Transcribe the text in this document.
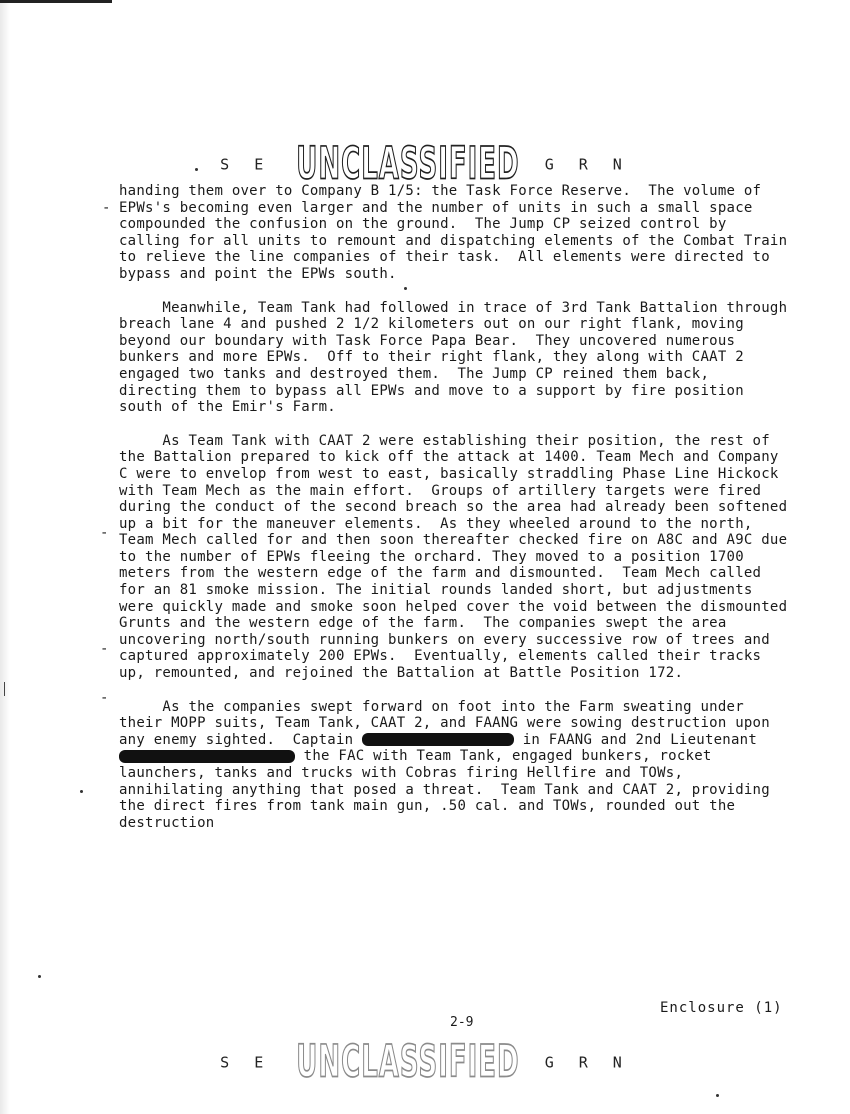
S E UNCLASSIFIED G R N

handing them over to Company B 1/5: the Task Force Reserve.  The volume of EPWs's becoming even larger and the number of units in such a small space compounded the confusion on the ground.  The Jump CP seized control by calling for all units to remount and dispatching elements of the Combat Train to relieve the line companies of their task.  All elements were directed to bypass and point the EPWs south.

Meanwhile, Team Tank had followed in trace of 3rd Tank Battalion through breach lane 4 and pushed 2 1/2 kilometers out on our right flank, moving beyond our boundary with Task Force Papa Bear.  They uncovered numerous bunkers and more EPWs.  Off to their right flank, they along with CAAT 2 engaged two tanks and destroyed them.  The Jump CP reined them back, directing them to bypass all EPWs and move to a support by fire position south of the Emir's Farm.

As Team Tank with CAAT 2 were establishing their position, the rest of the Battalion prepared to kick off the attack at 1400. Team Mech and Company C were to envelop from west to east, basically straddling Phase Line Hickock with Team Mech as the main effort.  Groups of artillery targets were fired during the conduct of the second breach so the area had already been softened up a bit for the maneuver elements.  As they wheeled around to the north, Team Mech called for and then soon thereafter checked fire on A8C and A9C due to the number of EPWs fleeing the orchard. They moved to a position 1700 meters from the western edge of the farm and dismounted.  Team Mech called for an 81 smoke mission. The initial rounds landed short, but adjustments were quickly made and smoke soon helped cover the void between the dismounted Grunts and the western edge of the farm.  The companies swept the area uncovering north/south running bunkers on every successive row of trees and captured approximately 200 EPWs.  Eventually, elements called their tracks up, remounted, and rejoined the Battalion at Battle Position 172.

As the companies swept forward on foot into the Farm sweating under their MOPP suits, Team Tank, CAAT 2, and FAANG were sowing destruction upon any enemy sighted.  Captain	in FAANG and 2nd Lieutenant  the FAC with Team Tank, engaged bunkers, rocket launchers, tanks and trucks with Cobras firing Hellfire and TOWs, annihilating anything that posed a threat.  Team Tank and CAAT 2, providing the direct fires from tank main gun, .50 cal. and TOWs, rounded out the destruction

-
-
-
-
Enclosure (1)
2-9
S E UNCLASSIFIED G R N
